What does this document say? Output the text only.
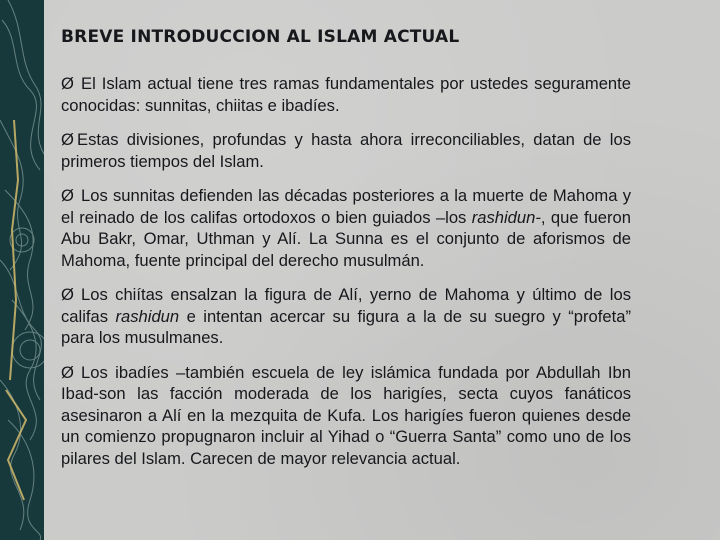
BREVE INTRODUCCION AL ISLAM ACTUAL
Ø El Islam actual tiene tres ramas fundamentales por ustedes seguramente conocidas: sunnitas, chiitas e ibadíes.
Ø Estas divisiones, profundas y hasta ahora irreconciliables, datan de los primeros tiempos del Islam.
Ø Los sunnitas defienden las décadas posteriores a la muerte de Mahoma y el reinado de los califas ortodoxos o bien guiados –los rashidun-, que fueron Abu Bakr, Omar, Uthman y Alí. La Sunna es el conjunto de aforismos de Mahoma, fuente principal del derecho musulmán.
Ø Los chiítas ensalzan la figura de Alí, yerno de Mahoma y último de los califas rashidun e intentan acercar su figura a la de su suegro y “profeta” para los musulmanes.
Ø Los ibadíes –también escuela de ley islámica fundada por Abdullah Ibn Ibad-son las facción moderada de los harigíes, secta cuyos fanáticos asesinaron a Alí en la mezquita de Kufa. Los harigíes fueron quienes desde un comienzo propugnaron incluir al Yihad o “Guerra Santa” como uno de los pilares del Islam. Carecen de mayor relevancia actual.
